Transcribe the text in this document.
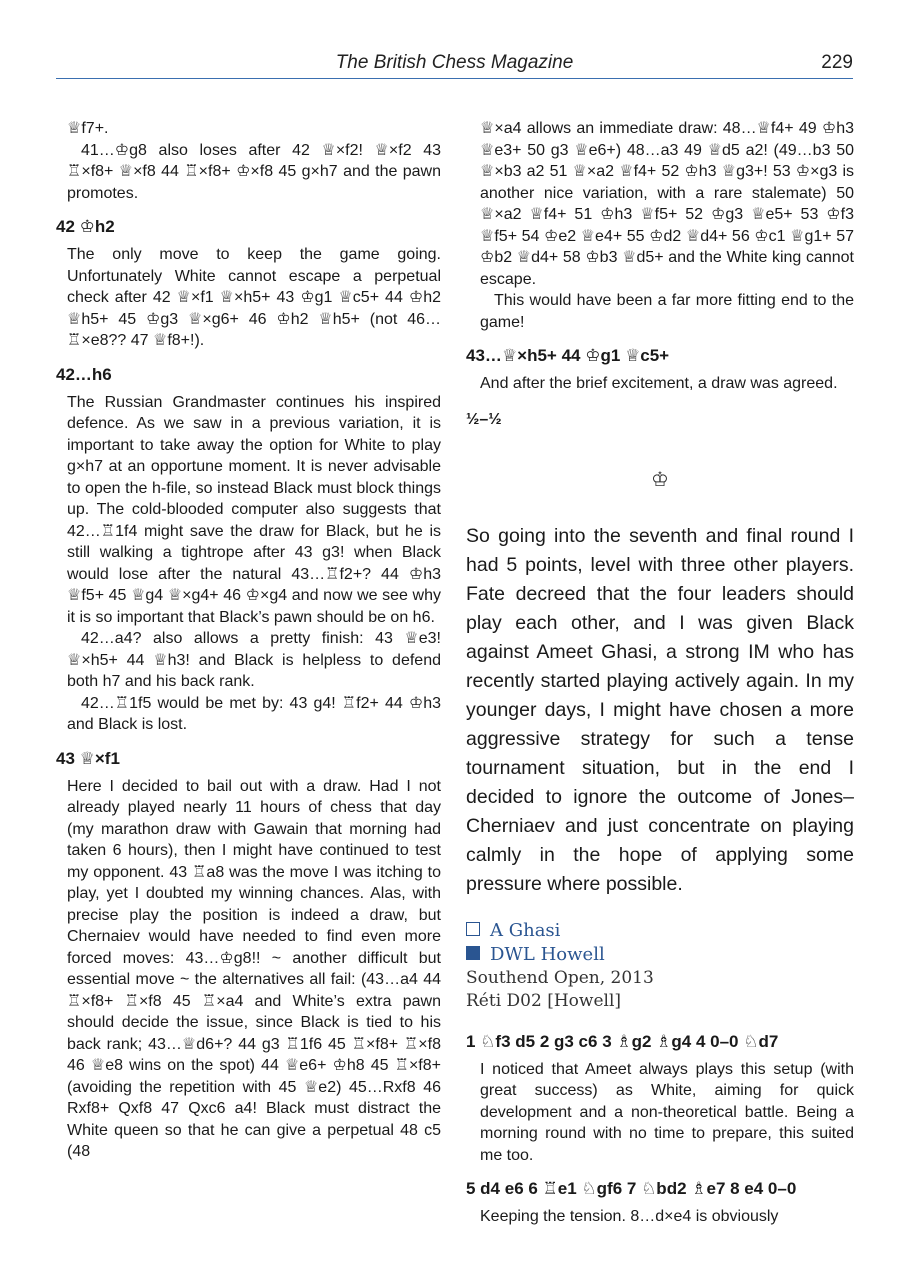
The British Chess Magazine	229

♕f7+.

41…♔g8 also loses after 42 ♕×f2! ♕×f2 43 ♖×f8+ ♕×f8 44 ♖×f8+ ♔×f8 45 g×h7 and the pawn promotes.

42 ♔h2

The only move to keep the game going. Unfortunately White cannot escape a perpetual check after 42 ♕×f1 ♕×h5+ 43 ♔g1 ♕c5+ 44 ♔h2 ♕h5+ 45 ♔g3 ♕×g6+ 46 ♔h2 ♕h5+ (not 46…♖×e8?? 47 ♕f8+!).

42…h6

The Russian Grandmaster continues his inspired defence. As we saw in a previous variation, it is important to take away the option for White to play g×h7 at an opportune moment. It is never advisable to open the h-file, so instead Black must block things up. The cold-blooded computer also suggests that 42…♖1f4 might save the draw for Black, but he is still walking a tightrope after 43 g3! when Black would lose after the natural 43…♖f2+? 44 ♔h3 ♕f5+ 45 ♕g4 ♕×g4+ 46 ♔×g4 and now we see why it is so important that Black’s pawn should be on h6.

42…a4? also allows a pretty finish: 43 ♕e3! ♕×h5+ 44 ♕h3! and Black is helpless to defend both h7 and his back rank.

42…♖1f5 would be met by: 43 g4! ♖f2+ 44 ♔h3 and Black is lost.

43 ♕×f1

Here I decided to bail out with a draw. Had I not already played nearly 11 hours of chess that day (my marathon draw with Gawain that morning had taken 6 hours), then I might have continued to test my opponent. 43 ♖a8 was the move I was itching to play, yet I doubted my winning chances. Alas, with precise play the position is indeed a draw, but Chernaiev would have needed to find even more forced moves: 43…♔g8!! ~ another difficult but essential move ~ the alternatives all fail: (43…a4 44 ♖×f8+ ♖×f8 45 ♖×a4 and White’s extra pawn should decide the issue, since Black is tied to his back rank; 43…♕d6+? 44 g3 ♖1f6 45 ♖×f8+ ♖×f8 46 ♕e8 wins on the spot) 44 ♕e6+ ♔h8 45 ♖×f8+ (avoiding the repetition with 45 ♕e2) 45…Rxf8 46 Rxf8+ Qxf8 47 Qxc6 a4! Black must distract the White queen so that he can give a perpetual 48 c5 (48

♕×a4 allows an immediate draw: 48…♕f4+ 49 ♔h3 ♕e3+ 50 g3 ♕e6+) 48…a3 49 ♕d5 a2! (49…b3 50 ♕×b3 a2 51 ♕×a2 ♕f4+ 52 ♔h3 ♕g3+! 53 ♔×g3 is another nice variation, with a rare stalemate) 50 ♕×a2 ♕f4+ 51 ♔h3 ♕f5+ 52 ♔g3 ♕e5+ 53 ♔f3 ♕f5+ 54 ♔e2 ♕e4+ 55 ♔d2 ♕d4+ 56 ♔c1 ♕g1+ 57 ♔b2 ♕d4+ 58 ♔b3 ♕d5+ and the White king cannot escape.

This would have been a far more fitting end to the game!

43…♕×h5+ 44 ♔g1 ♕c5+

And after the brief excitement, a draw was agreed.

½–½
♔

So going into the seventh and final round I had 5 points, level with three other players. Fate decreed that the four leaders should play each other, and I was given Black against Ameet Ghasi, a strong IM who has recently started playing actively again. In my younger days, I might have chosen a more aggressive strategy for such a tense tournament situation, but in the end I decided to ignore the outcome of Jones–Cherniaev and just concentrate on playing calmly in the hope of applying some pressure where possible.

A Ghasi

DWL Howell

Southend Open, 2013

Réti D02 [Howell]
1 ♘f3 d5 2 g3 c6 3 ♗g2 ♗g4 4 0–0 ♘d7

I noticed that Ameet always plays this setup (with great success) as White, aiming for quick development and a non-theoretical battle. Being a morning round with no time to prepare, this suited me too.

5 d4 e6 6 ♖e1 ♘gf6 7 ♘bd2 ♗e7 8 e4 0–0

Keeping the tension. 8…d×e4 is obviously
